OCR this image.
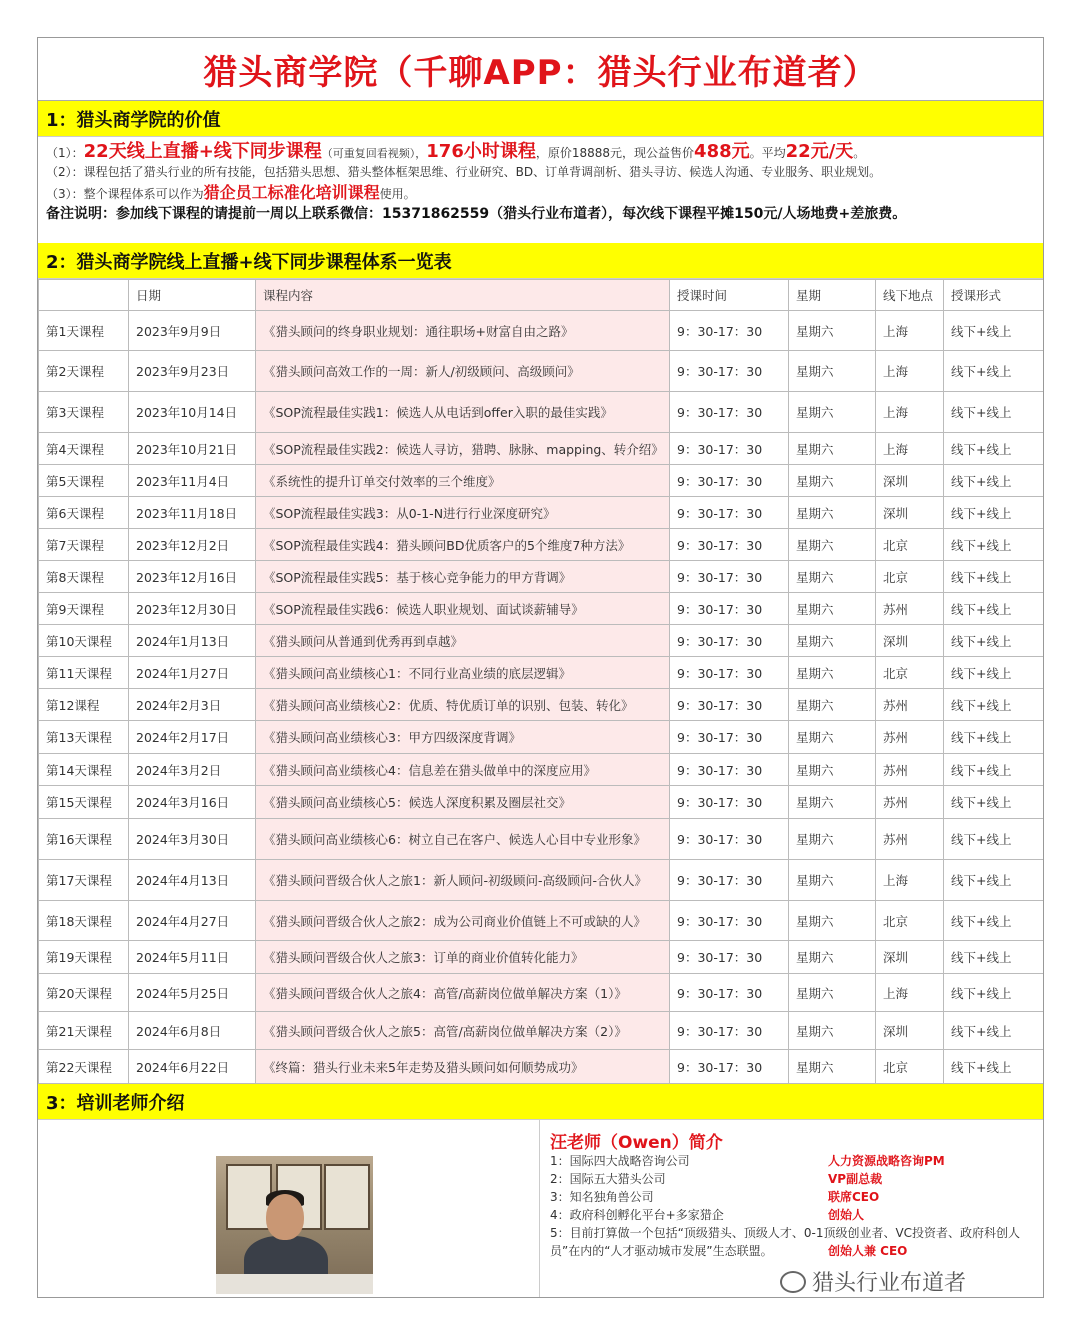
猎头商学院（千聊APP：猎头行业布道者）
1：猎头商学院的价值
（1）：22天线上直播+线下同步课程（可重复回看视频），176小时课程，原价18888元，现公益售价488元。平均22元/天。
（2）：课程包括了猎头行业的所有技能，包括猎头思想、猎头整体框架思维、行业研究、BD、订单背调剖析、猎头寻访、候选人沟通、专业服务、职业规划。
（3）：整个课程体系可以作为猎企员工标准化培训课程使用。
备注说明：参加线下课程的请提前一周以上联系微信：15371862559（猎头行业布道者），每次线下课程平摊150元/人场地费+差旅费。
2：猎头商学院线上直播+线下同步课程体系一览表
	日期	课程内容	授课时间	星期	线下地点	授课形式
第1天课程	2023年9月9日	《猎头顾问的终身职业规划：通往职场+财富自由之路》	9：30-17：30	星期六	上海	线下+线上
第2天课程	2023年9月23日	《猎头顾问高效工作的一周：新人/初级顾问、高级顾问》	9：30-17：30	星期六	上海	线下+线上
第3天课程	2023年10月14日	《SOP流程最佳实践1：候选人从电话到offer入职的最佳实践》	9：30-17：30	星期六	上海	线下+线上
第4天课程	2023年10月21日	《SOP流程最佳实践2：候选人寻访，猎聘、脉脉、mapping、转介绍》	9：30-17：30	星期六	上海	线下+线上
第5天课程	2023年11月4日	《系统性的提升订单交付效率的三个维度》	9：30-17：30	星期六	深圳	线下+线上
第6天课程	2023年11月18日	《SOP流程最佳实践3：从0-1-N进行行业深度研究》	9：30-17：30	星期六	深圳	线下+线上
第7天课程	2023年12月2日	《SOP流程最佳实践4：猎头顾问BD优质客户的5个维度7种方法》	9：30-17：30	星期六	北京	线下+线上
第8天课程	2023年12月16日	《SOP流程最佳实践5：基于核心竞争能力的甲方背调》	9：30-17：30	星期六	北京	线下+线上
第9天课程	2023年12月30日	《SOP流程最佳实践6：候选人职业规划、面试谈薪辅导》	9：30-17：30	星期六	苏州	线下+线上
第10天课程	2024年1月13日	《猎头顾问从普通到优秀再到卓越》	9：30-17：30	星期六	深圳	线下+线上
第11天课程	2024年1月27日	《猎头顾问高业绩核心1：不同行业高业绩的底层逻辑》	9：30-17：30	星期六	北京	线下+线上
第12课程	2024年2月3日	《猎头顾问高业绩核心2：优质、特优质订单的识别、包装、转化》	9：30-17：30	星期六	苏州	线下+线上
第13天课程	2024年2月17日	《猎头顾问高业绩核心3：甲方四级深度背调》	9：30-17：30	星期六	苏州	线下+线上
第14天课程	2024年3月2日	《猎头顾问高业绩核心4：信息差在猎头做单中的深度应用》	9：30-17：30	星期六	苏州	线下+线上
第15天课程	2024年3月16日	《猎头顾问高业绩核心5：候选人深度积累及圈层社交》	9：30-17：30	星期六	苏州	线下+线上
第16天课程	2024年3月30日	《猎头顾问高业绩核心6：树立自己在客户、候选人心目中专业形象》	9：30-17：30	星期六	苏州	线下+线上
第17天课程	2024年4月13日	《猎头顾问晋级合伙人之旅1：新人顾问-初级顾问-高级顾问-合伙人》	9：30-17：30	星期六	上海	线下+线上
第18天课程	2024年4月27日	《猎头顾问晋级合伙人之旅2：成为公司商业价值链上不可或缺的人》	9：30-17：30	星期六	北京	线下+线上
第19天课程	2024年5月11日	《猎头顾问晋级合伙人之旅3：订单的商业价值转化能力》	9：30-17：30	星期六	深圳	线下+线上
第20天课程	2024年5月25日	《猎头顾问晋级合伙人之旅4：高管/高薪岗位做单解决方案（1）》	9：30-17：30	星期六	上海	线下+线上
第21天课程	2024年6月8日	《猎头顾问晋级合伙人之旅5：高管/高薪岗位做单解决方案（2）》	9：30-17：30	星期六	深圳	线下+线上
第22天课程	2024年6月22日	《终篇：猎头行业未来5年走势及猎头顾问如何顺势成功》	9：30-17：30	星期六	北京	线下+线上
3：培训老师介绍
汪老师（Owen）简介
1：国际四大战略咨询公司	人力资源战略咨询PM
2：国际五大猎头公司	VP副总裁
3：知名独角兽公司	联席CEO
4：政府科创孵化平台+多家猎企	创始人
5：目前打算做一个包括“顶级猎头、顶级人才、0-1顶级创业者、VC投资者、政府科创人员”在内的“人才驱动城市发展”生态联盟。	创始人兼 CEO
猎头行业布道者
